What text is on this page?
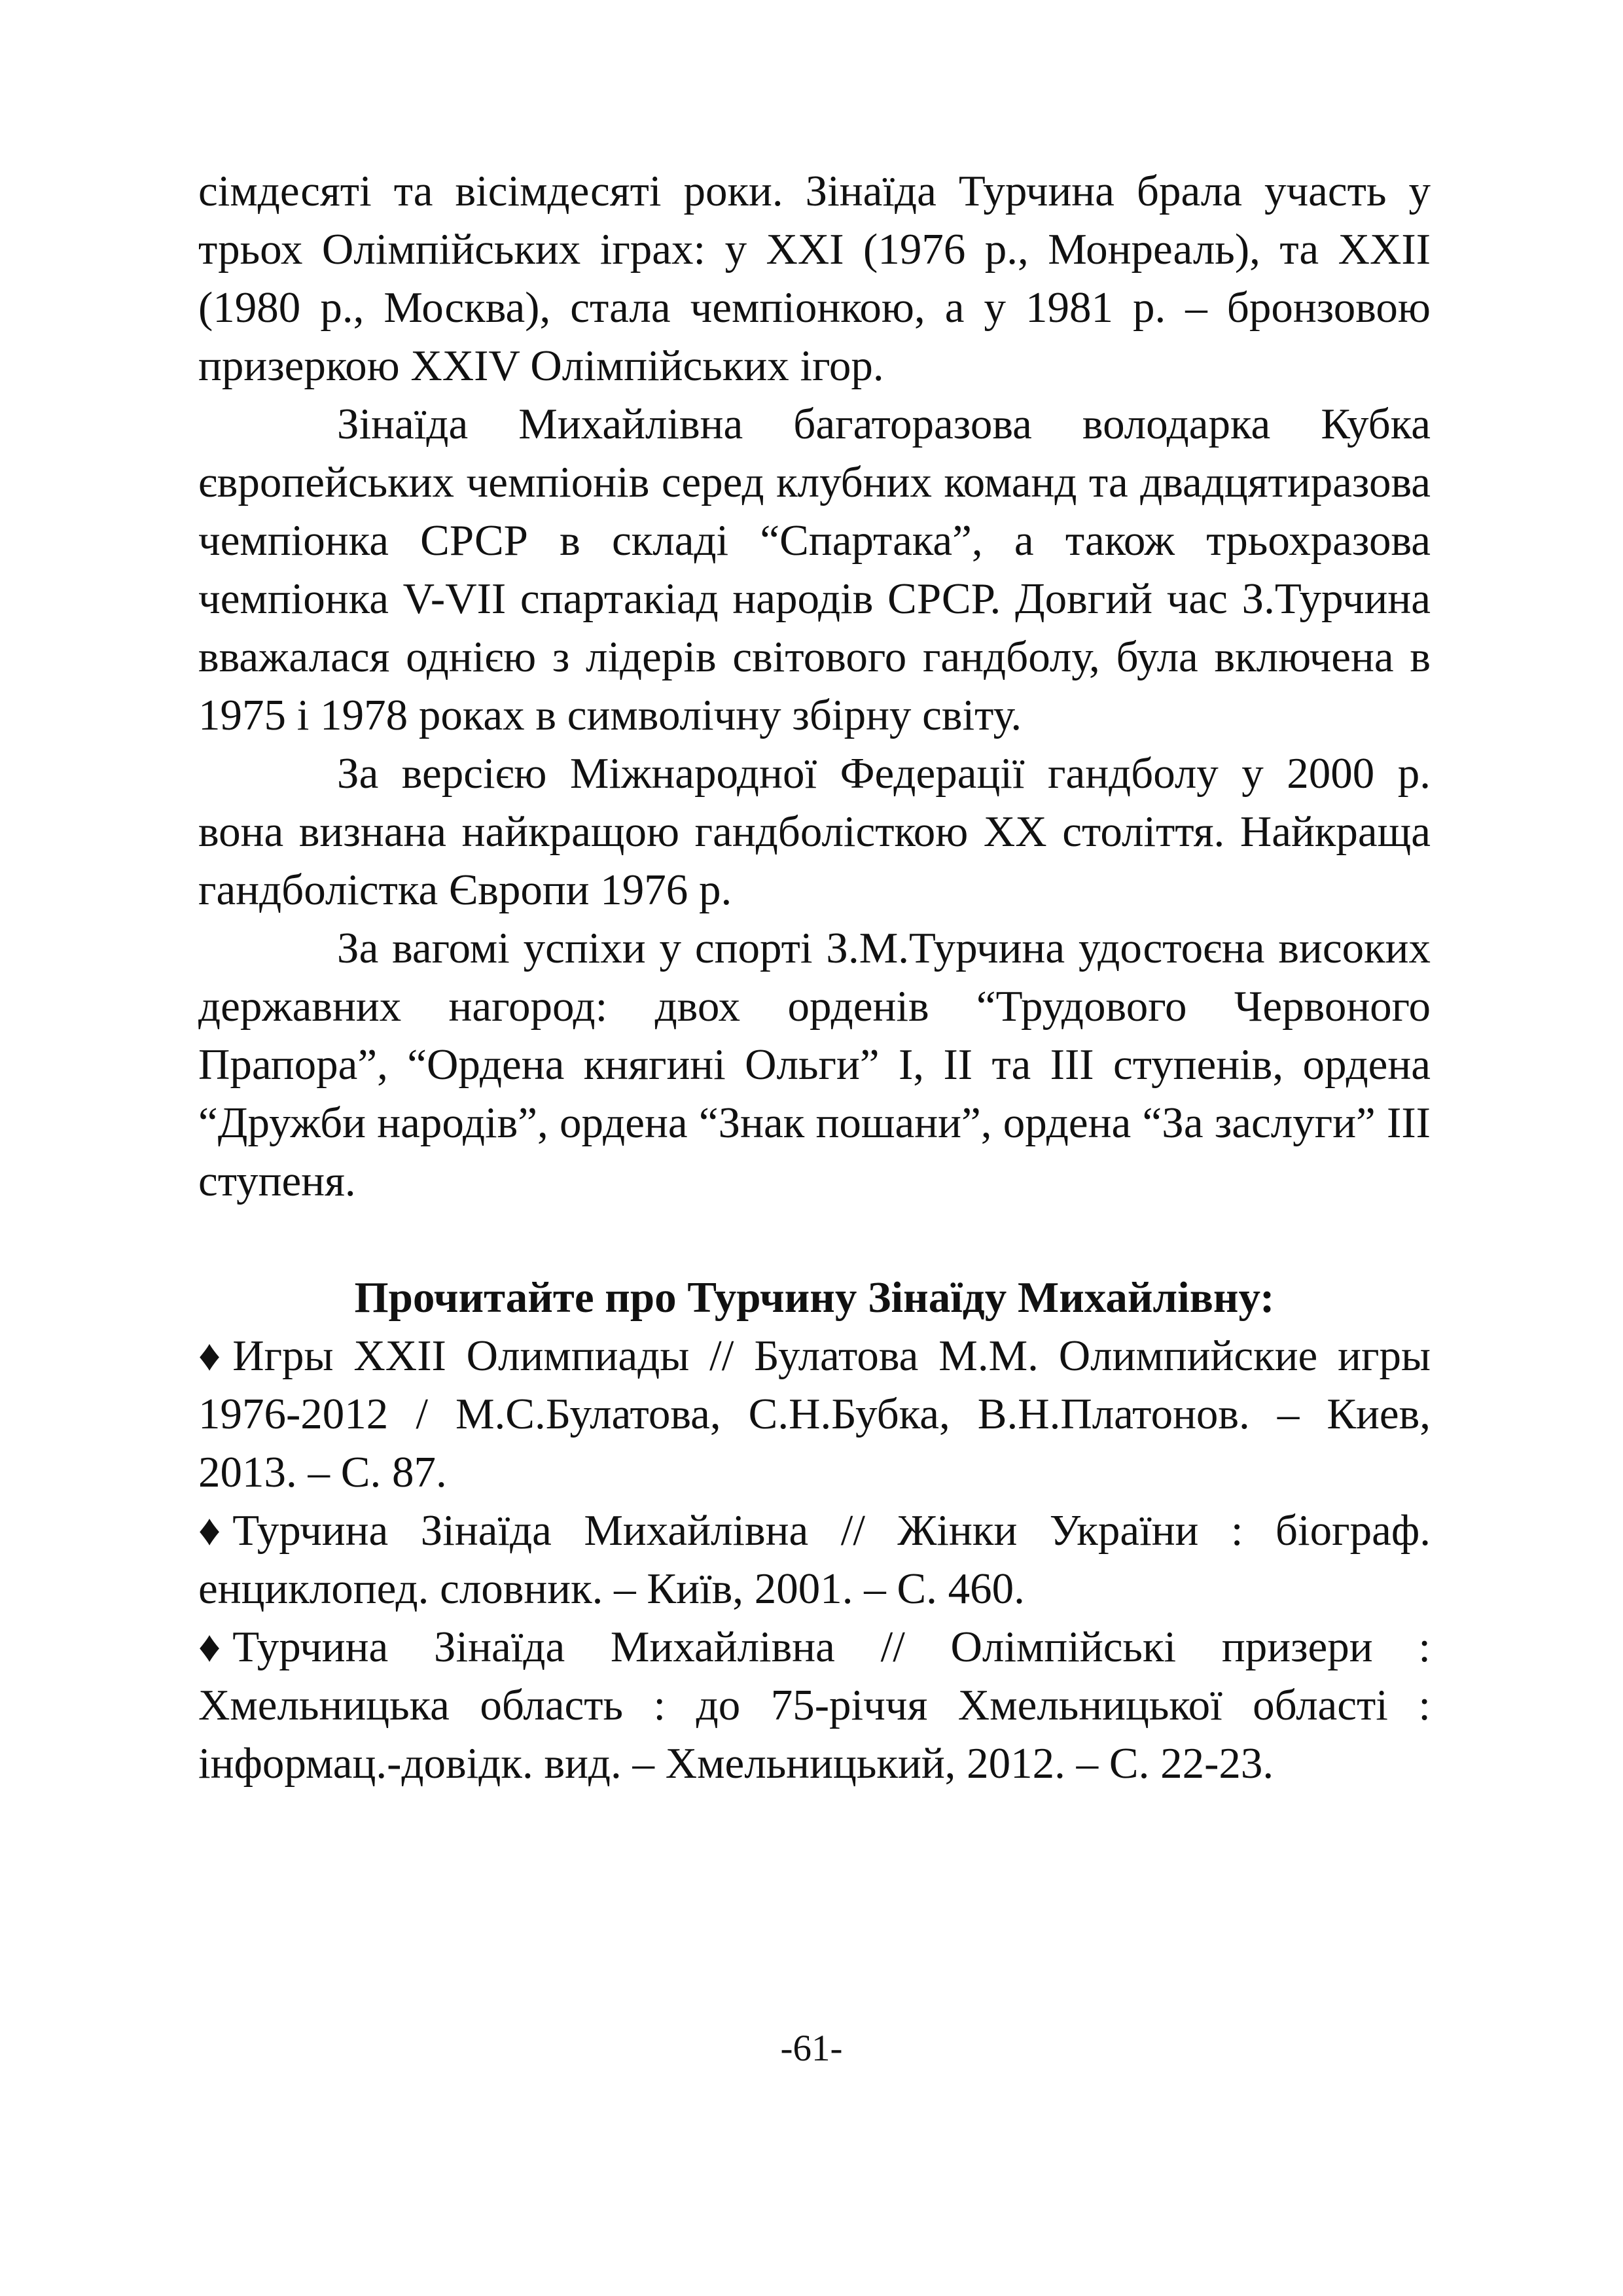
сімдесяті та вісімдесяті роки. Зінаїда Турчина брала участь у трьох Олімпійських іграх: у XXI (1976 р., Монреаль), та XXII (1980 р., Москва), стала чемпіонкою, а у 1981 р. – бронзовою призеркою XXIV Олімпійських ігор.

Зінаїда Михайлівна багаторазова володарка Кубка європейських чемпіонів серед клубних команд та двадцятиразова чемпіонка СРСР в складі “Спартака”, а також трьохразова чемпіонка V-VII спартакіад народів СРСР. Довгий час З.Турчина вважалася однією з лідерів світового гандболу, була включена в 1975 і 1978 роках в символічну збірну світу.

За версією Міжнародної Федерації гандболу у 2000 р. вона визнана найкращою гандболісткою XX століття. Найкраща гандболістка Європи 1976 р.

За вагомі успіхи у спорті З.М.Турчина удостоєна високих державних нагород: двох орденів “Трудового Червоного Прапора”, “Ордена княгині Ольги” І, ІІ та ІІІ ступенів, ордена “Дружби народів”, ордена “Знак пошани”, ордена “За заслуги” ІІІ ступеня.

Прочитайте про Турчину Зінаїду Михайлівну:

♦ Игры XXII Олимпиады // Булатова М.М. Олимпийские игры 1976-2012 / М.С.Булатова, С.Н.Бубка, В.Н.Платонов. – Киев, 2013. – С. 87.

♦ Турчина Зінаїда Михайлівна // Жінки України : біограф. енциклопед. словник. – Київ, 2001. – С. 460.

♦ Турчина Зінаїда Михайлівна // Олімпійські призери : Хмельницька область : до 75-річчя Хмельницької області : інформац.-довідк. вид. – Хмельницький, 2012. – С. 22-23.

-61-
